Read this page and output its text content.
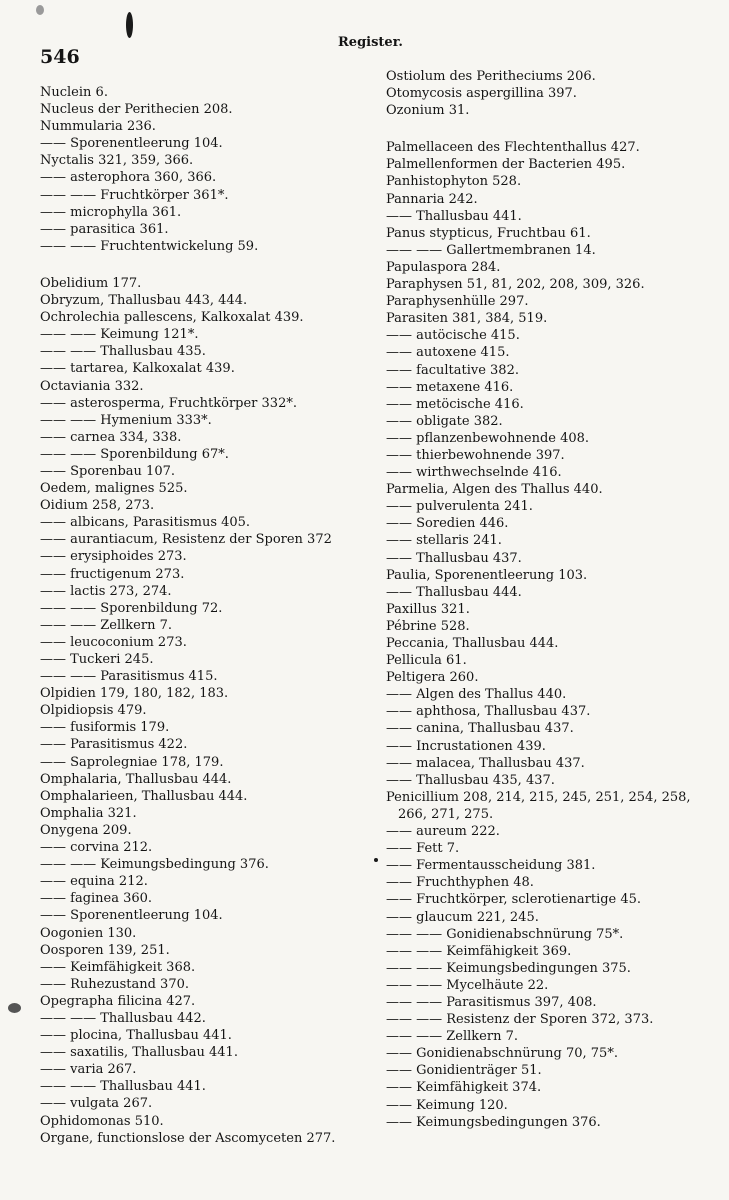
546
Register.
Nuclein 6.
Nucleus der Perithecien 208.
Nummularia 236.
—— Sporenentleerung 104.
Nyctalis 321, 359, 366.
—— asterophora 360, 366.
—— —— Fruchtkörper 361*.
—— microphylla 361.
—— parasitica 361.
—— —— Fruchtentwickelung 59.
Obelidium 177.
Obryzum, Thallusbau 443, 444.
Ochrolechia pallescens, Kalkoxalat 439.
—— —— Keimung 121*.
—— —— Thallusbau 435.
—— tartarea, Kalkoxalat 439.
Octaviania 332.
—— asterosperma, Fruchtkörper 332*.
—— —— Hymenium 333*.
—— carnea 334, 338.
—— —— Sporenbildung 67*.
—— Sporenbau 107.
Oedem, malignes 525.
Oidium 258, 273.
—— albicans, Parasitismus 405.
—— aurantiacum, Resistenz der Sporen 372
—— erysiphoides 273.
—— fructigenum 273.
—— lactis 273, 274.
—— —— Sporenbildung 72.
—— —— Zellkern 7.
—— leucoconium 273.
—— Tuckeri 245.
—— —— Parasitismus 415.
Olpidien 179, 180, 182, 183.
Olpidiopsis 479.
—— fusiformis 179.
—— Parasitismus 422.
—— Saprolegniae 178, 179.
Omphalaria, Thallusbau 444.
Omphalarieen, Thallusbau 444.
Omphalia 321.
Onygena 209.
—— corvina 212.
—— —— Keimungsbedingung 376.
—— equina 212.
—— faginea 360.
—— Sporenentleerung 104.
Oogonien 130.
Oosporen 139, 251.
—— Keimfähigkeit 368.
—— Ruhezustand 370.
Opegrapha filicina 427.
—— —— Thallusbau 442.
—— plocina, Thallusbau 441.
—— saxatilis, Thallusbau 441.
—— varia 267.
—— —— Thallusbau 441.
—— vulgata 267.
Ophidomonas 510.
Organe, functionslose der Ascomyceten 277.
Ostiolum des Peritheciums 206.
Otomycosis aspergillina 397.
Ozonium 31.
Palmellaceen des Flechtenthallus 427.
Palmellenformen der Bacterien 495.
Panhistophyton 528.
Pannaria 242.
—— Thallusbau 441.
Panus stypticus, Fruchtbau 61.
—— —— Gallertmembranen 14.
Papulaspora 284.
Paraphysen 51, 81, 202, 208, 309, 326.
Paraphysenhülle 297.
Parasiten 381, 384, 519.
—— autöcische 415.
—— autoxene 415.
—— facultative 382.
—— metaxene 416.
—— metöcische 416.
—— obligate 382.
—— pflanzenbewohnende 408.
—— thierbewohnende 397.
—— wirthwechselnde 416.
Parmelia, Algen des Thallus 440.
—— pulverulenta 241.
—— Soredien 446.
—— stellaris 241.
—— Thallusbau 437.
Paulia, Sporenentleerung 103.
—— Thallusbau 444.
Paxillus 321.
Pébrine 528.
Peccania, Thallusbau 444.
Pellicula 61.
Peltigera 260.
—— Algen des Thallus 440.
—— aphthosa, Thallusbau 437.
—— canina, Thallusbau 437.
—— Incrustationen 439.
—— malacea, Thallusbau 437.
—— Thallusbau 435, 437.
Penicillium 208, 214, 215, 245, 251, 254, 258, 266, 271, 275.
—— aureum 222.
—— Fett 7.
—— Fermentausscheidung 381.
—— Fruchthyphen 48.
—— Fruchtkörper, sclerotienartige 45.
—— glaucum 221, 245.
—— —— Gonidienabschnürung 75*.
—— —— Keimfähigkeit 369.
—— —— Keimungsbedingungen 375.
—— —— Mycelhäute 22.
—— —— Parasitismus 397, 408.
—— —— Resistenz der Sporen 372, 373.
—— —— Zellkern 7.
—— Gonidienabschnürung 70, 75*.
—— Gonidienträger 51.
—— Keimfähigkeit 374.
—— Keimung 120.
—— Keimungsbedingungen 376.
